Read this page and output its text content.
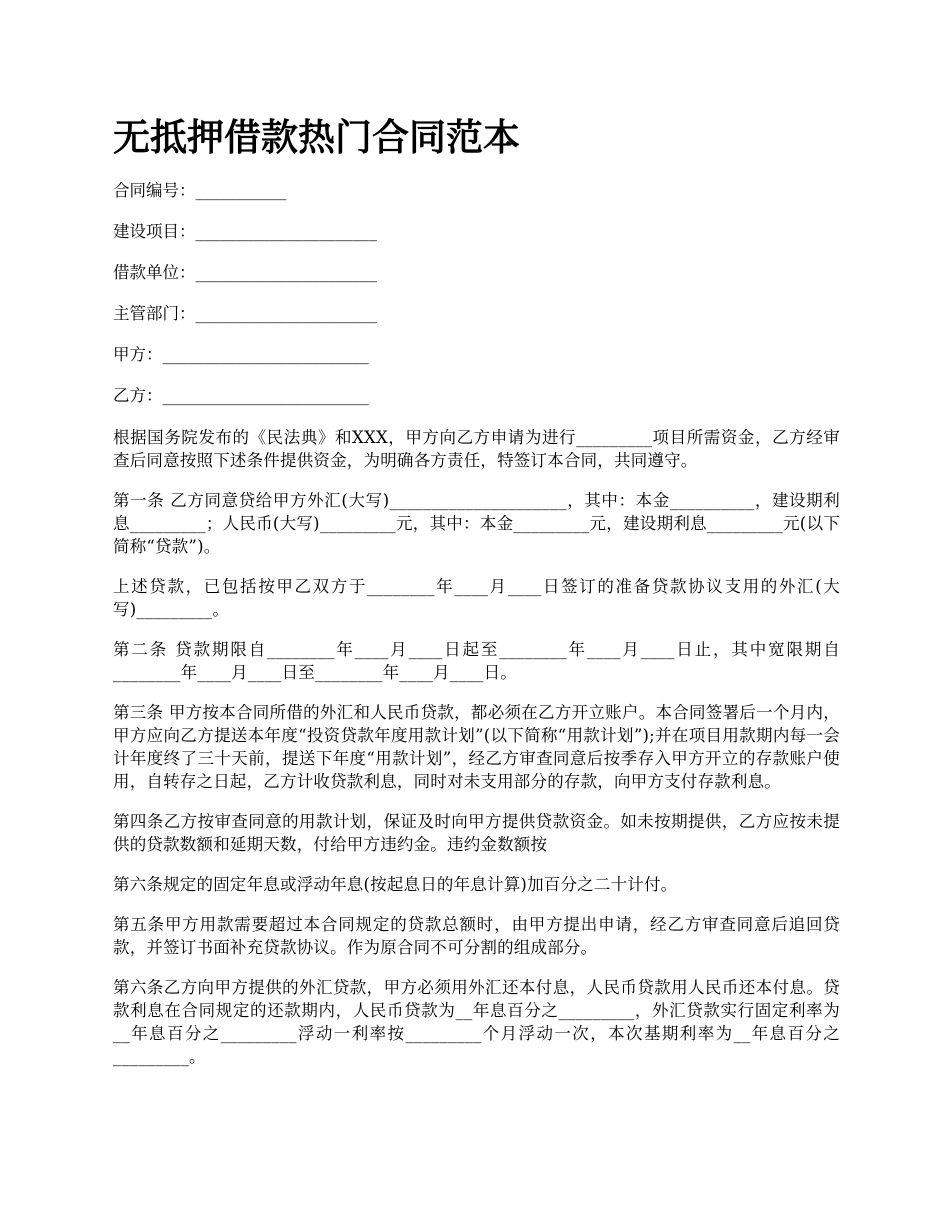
无抵押借款热门合同范本
合同编号：___________
建设项目：______________________
借款单位：______________________
主管部门：______________________
甲方：_________________________
乙方：_________________________

根据国务院发布的《民法典》和XXX，甲方向乙方申请为进行_________项目所需资金，乙方经审查后同意按照下述条件提供资金，为明确各方责任，特签订本合同，共同遵守。

第一条 乙方同意贷给甲方外汇(大写)_____________________，其中：本金__________，建设期利息_________；人民币(大写)_________元，其中：本金_________元，建设期利息_________元(以下简称“贷款”)。

上述贷款，已包括按甲乙双方于________年____月____日签订的准备贷款协议支用的外汇(大写)_________。

第二条 贷款期限自________年____月____日起至________年____月____日止，其中宽限期自________年____月____日至________年____月____日。

第三条 甲方按本合同所借的外汇和人民币贷款，都必须在乙方开立账户。本合同签署后一个月内，甲方应向乙方提送本年度“投资贷款年度用款计划”(以下简称“用款计划”);并在项目用款期内每一会计年度终了三十天前，提送下年度“用款计划”，经乙方审查同意后按季存入甲方开立的存款账户使用，自转存之日起，乙方计收贷款利息，同时对未支用部分的存款，向甲方支付存款利息。

第四条乙方按审查同意的用款计划，保证及时向甲方提供贷款资金。如未按期提供，乙方应按未提供的贷款数额和延期天数，付给甲方违约金。违约金数额按

第六条规定的固定年息或浮动年息(按起息日的年息计算)加百分之二十计付。

第五条甲方用款需要超过本合同规定的贷款总额时，由甲方提出申请，经乙方审查同意后追回贷款，并签订书面补充贷款协议。作为原合同不可分割的组成部分。

第六条乙方向甲方提供的外汇贷款，甲方必须用外汇还本付息，人民币贷款用人民币还本付息。贷款利息在合同规定的还款期内，人民币贷款为__年息百分之_________，外汇贷款实行固定利率为__年息百分之_________浮动一利率按_________个月浮动一次，本次基期利率为__年息百分之_________。
